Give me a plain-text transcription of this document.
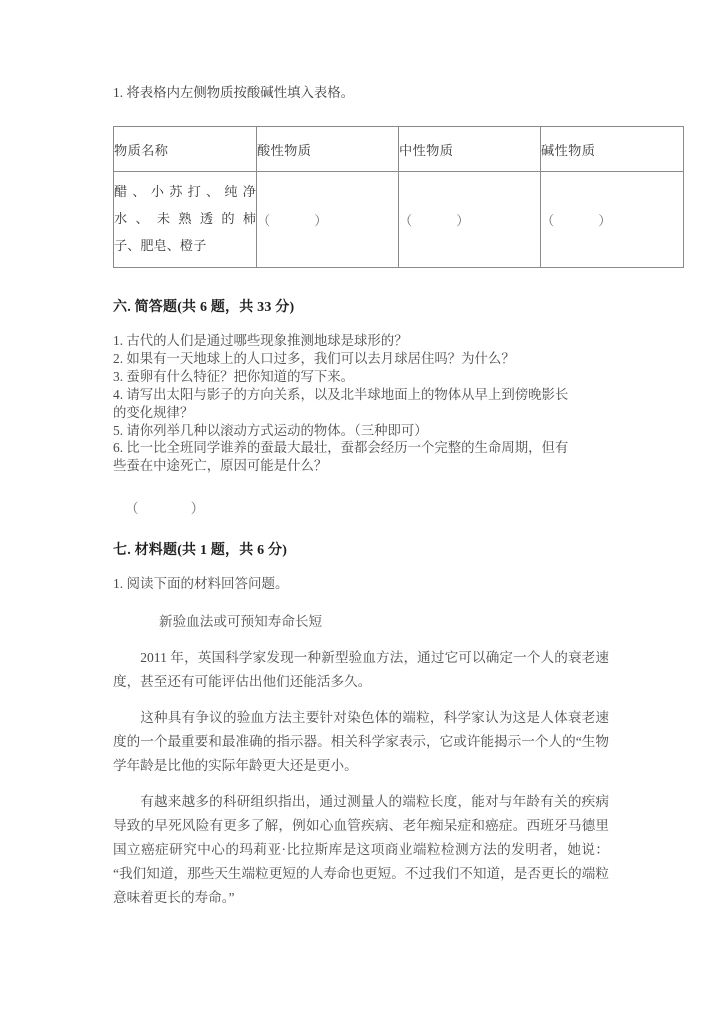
1. 将表格内左侧物质按酸碱性填入表格。

物质名称	酸性物质	中性物质	碱性物质

醋、小苏打、纯净
水、未熟透的柿
子、肥皂、橙子	（ ）	（ ）	（ ）

六. 简答题(共 6 题，共 33 分)

1. 古代的人们是通过哪些现象推测地球是球形的？
2. 如果有一天地球上的人口过多，我们可以去月球居住吗？为什么？
3. 蚕卵有什么特征？把你知道的写下来。
4. 请写出太阳与影子的方向关系，以及北半球地面上的物体从早上到傍晚影长
的变化规律？
5. 请你列举几种以滚动方式运动的物体。（三种即可）
6. 比一比全班同学谁养的蚕最大最壮，蚕都会经历一个完整的生命周期，但有
些蚕在中途死亡，原因可能是什么？

（	）

七. 材料题(共 1 题，共 6 分)

1. 阅读下面的材料回答问题。

新验血法或可预知寿命长短

2011 年，英国科学家发现一种新型验血方法，通过它可以确定一个人的衰老速度，甚至还有可能评估出他们还能活多久。

这种具有争议的验血方法主要针对染色体的端粒，科学家认为这是人体衰老速度的一个最重要和最准确的指示器。相关科学家表示，它或许能揭示一个人的“生物学年龄是比他的实际年龄更大还是更小。

有越来越多的科研组织指出，通过测量人的端粒长度，能对与年龄有关的疾病导致的早死风险有更多了解，例如心血管疾病、老年痴呆症和癌症。西班牙马德里国立癌症研究中心的玛莉亚·比拉斯库是这项商业端粒检测方法的发明者，她说：“我们知道，那些天生端粒更短的人寿命也更短。不过我们不知道，是否更长的端粒意味着更长的寿命。”
